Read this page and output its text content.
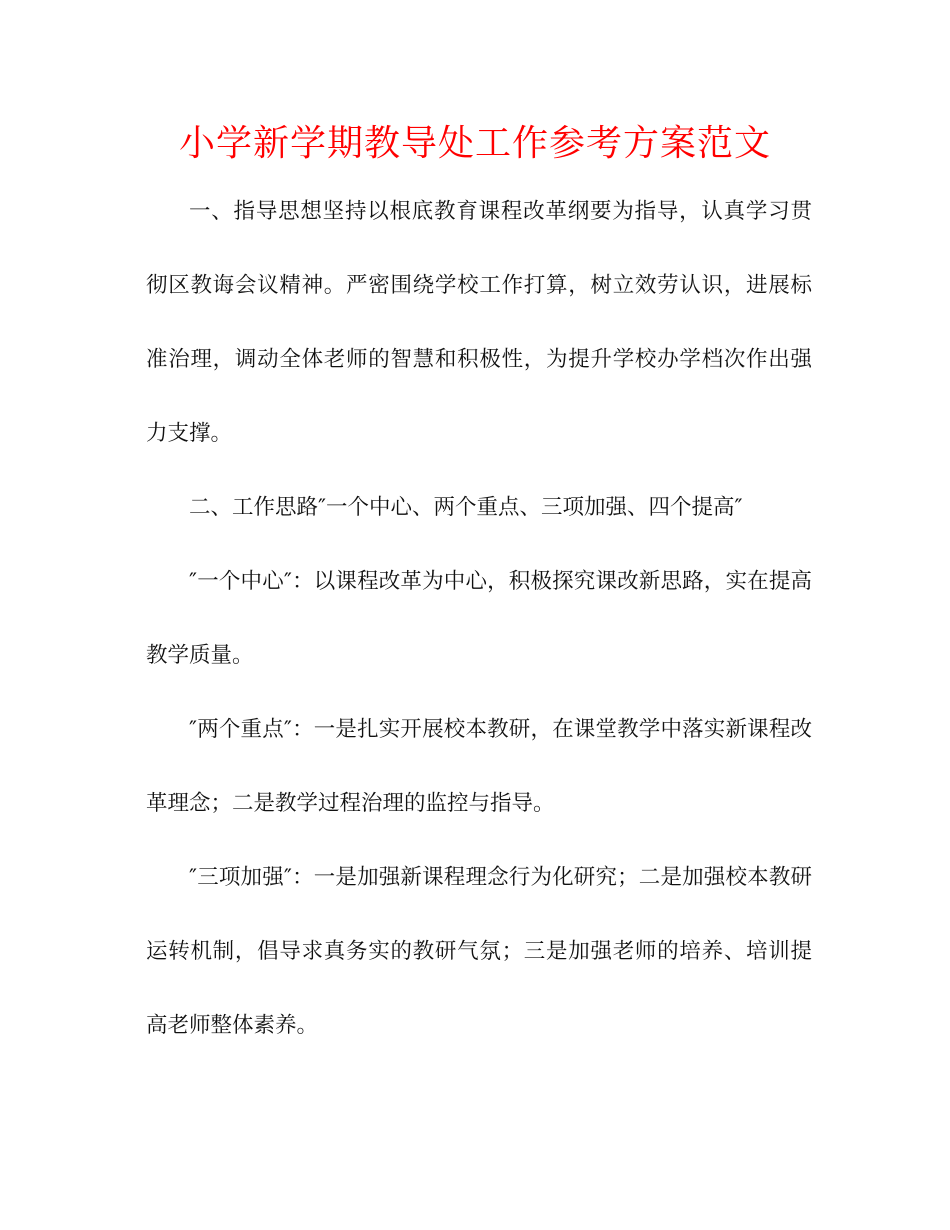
小学新学期教导处工作参考方案范文

一、指导思想坚持以根底教育课程改革纲要为指导，认真学习贯彻区教诲会议精神。严密围绕学校工作打算，树立效劳认识，进展标准治理，调动全体老师的智慧和积极性，为提升学校办学档次作出强力支撑。

二、工作思路″一个中心、两个重点、三项加强、四个提高″

″一个中心″：以课程改革为中心，积极探究课改新思路，实在提高教学质量。

″两个重点″：一是扎实开展校本教研，在课堂教学中落实新课程改革理念；二是教学过程治理的监控与指导。

″三项加强″：一是加强新课程理念行为化研究；二是加强校本教研运转机制，倡导求真务实的教研气氛；三是加强老师的培养、培训提高老师整体素养。
